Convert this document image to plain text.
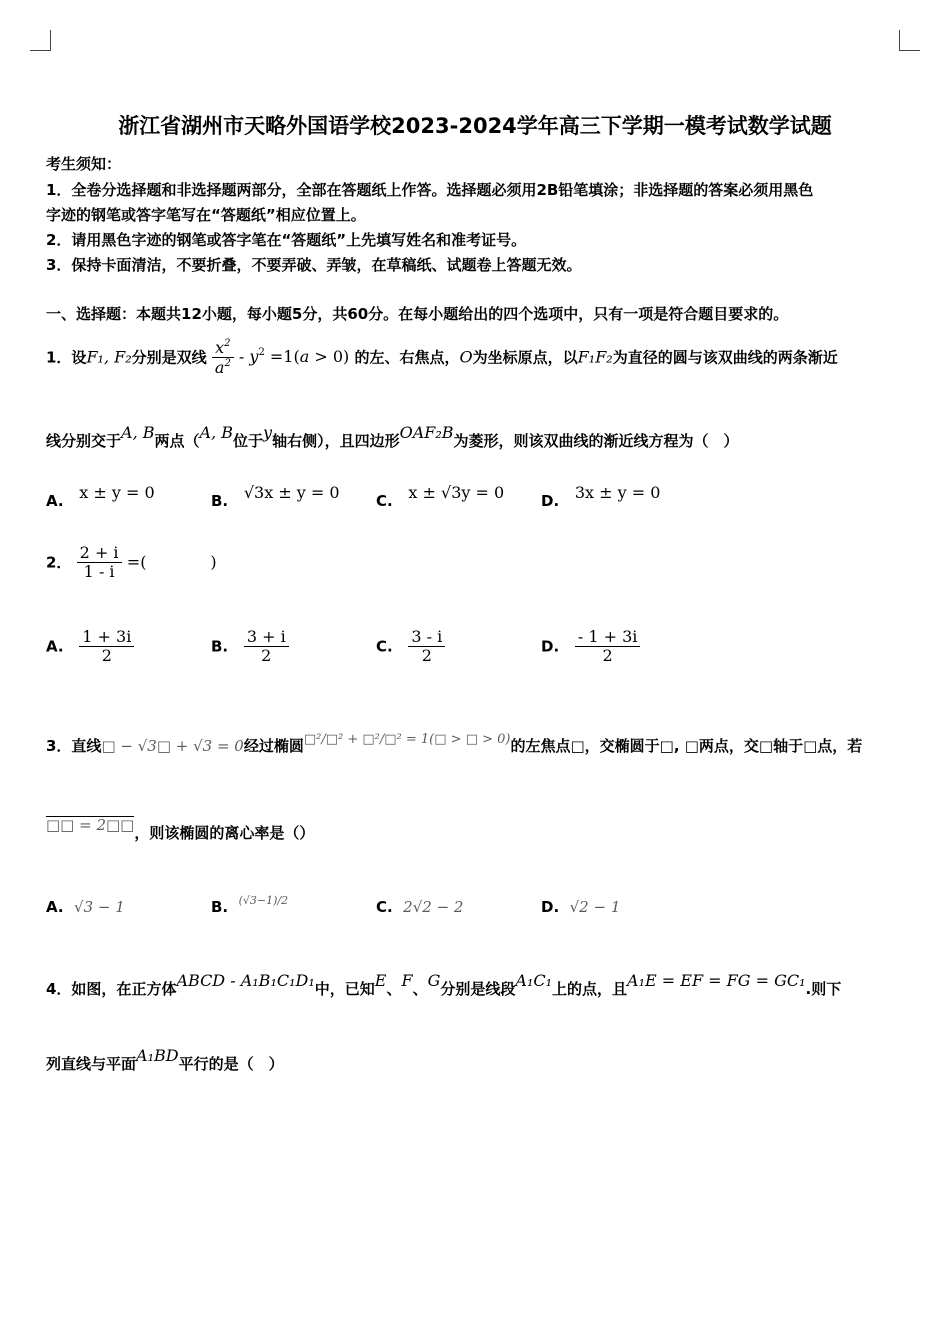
浙江省湖州市天略外国语学校2023-2024学年高三下学期一模考试数学试题
考生须知：
1．全卷分选择题和非选择题两部分，全部在答题纸上作答。选择题必须用2B铅笔填涂；非选择题的答案必须用黑色
字迹的钢笔或答字笔写在“答题纸”相应位置上。
2．请用黑色字迹的钢笔或答字笔在“答题纸”上先填写姓名和准考证号。
3．保持卡面清洁，不要折叠，不要弄破、弄皱，在草稿纸、试题卷上答题无效。
一、选择题：本题共12小题，每小题5分，共60分。在每小题给出的四个选项中，只有一项是符合题目要求的。
1．设F₁, F₂分别是双线 $\frac{x^2}{a^2} - y^2 =1(a > 0)$ 的左、右焦点，O为坐标原点，以F₁F₂为直径的圆与该双曲线的两条渐近
线分别交于A, B两点（A, B位于y轴右侧），且四边形OAF₂B为菱形，则该双曲线的渐近线方程为（　）
A. x ± y = 0	B. √3x ± y = 0 C. x ± √3y = 0 D. 3x ± y = 0
2． $\frac{2 + i}{1 - i}$ =(　　　　)
A. $\frac{1 + 3i}{2}$	B. $\frac{3 + i}{2}$	C. $\frac{3 - i}{2}$	D. $\frac{- 1 + 3i}{2}$
3．直线□ − √3□ + √3 = 0经过椭圆□²/□² + □²/□² = 1(□ > □ > 0)的左焦点□，交椭圆于□, □两点，交□轴于□点，若
□□ = 2□□，则该椭圆的离心率是（）
A. √3 − 1	B. $^{(√3-1)/2}$	C. 2√2 − 2	D. √2 − 1
4．如图，在正方体ABCD - A₁B₁C₁D₁中，已知E、F、G分别是线段A₁C₁上的点，且A₁E = EF = FG = GC₁.则下
列直线与平面A₁BD平行的是（　）
